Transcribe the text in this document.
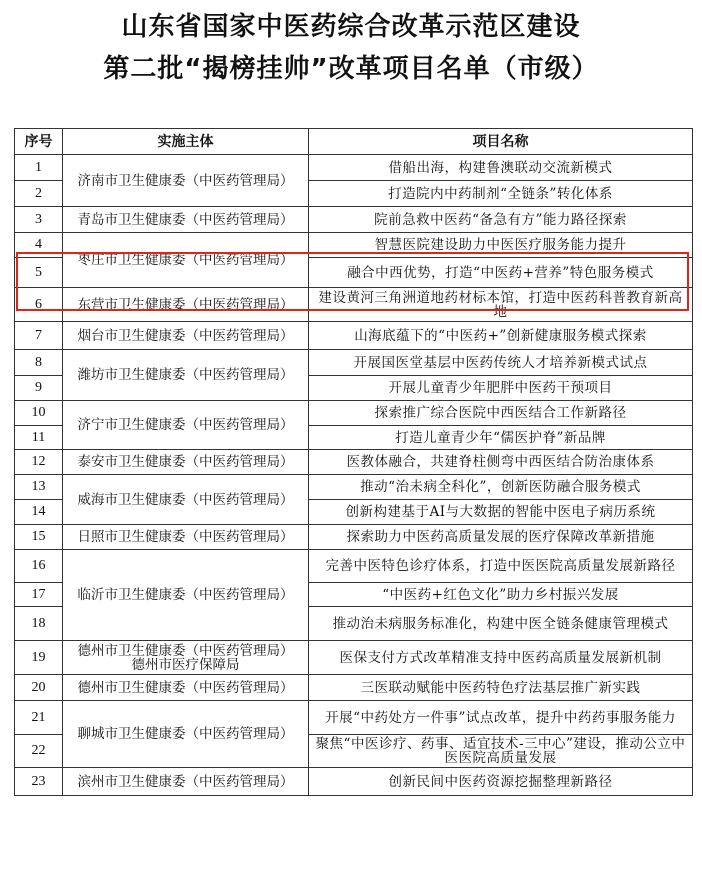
山东省国家中医药综合改革示范区建设
第二批“揭榜挂帅”改革项目名单（市级）
序号	实施主体	项目名称
1	济南市卫生健康委（中医药管理局）	借船出海，构建鲁澳联动交流新模式
2		打造院内中药制剂“全链条”转化体系
3	青岛市卫生健康委（中医药管理局）	院前急救中医药“备急有方”能力路径探索
4	枣庄市卫生健康委（中医药管理局）	智慧医院建设助力中医医疗服务能力提升
5		融合中西优势，打造“中医药+营养”特色服务模式
6	东营市卫生健康委（中医药管理局）	建设黄河三角洲道地药材标本馆，打造中医药科普教育新高地
7	烟台市卫生健康委（中医药管理局）	山海底蕴下的“中医药+”创新健康服务模式探索
8	潍坊市卫生健康委（中医药管理局）	开展国医堂基层中医药传统人才培养新模式试点
9		开展儿童青少年肥胖中医药干预项目
10	济宁市卫生健康委（中医药管理局）	探索推广综合医院中西医结合工作新路径
11		打造儿童青少年“儒医护脊”新品牌
12	泰安市卫生健康委（中医药管理局）	医教体融合，共建脊柱侧弯中西医结合防治康体系
13	威海市卫生健康委（中医药管理局）	推动“治未病全科化”，创新医防融合服务模式
14		创新构建基于AI与大数据的智能中医电子病历系统
15	日照市卫生健康委（中医药管理局）	探索助力中医药高质量发展的医疗保障改革新措施
16	临沂市卫生健康委（中医药管理局）	完善中医特色诊疗体系，打造中医医院高质量发展新路径
17		“中医药+红色文化”助力乡村振兴发展
18		推动治未病服务标准化，构建中医全链条健康管理模式
19	德州市卫生健康委（中医药管理局）
德州市医疗保障局	医保支付方式改革精准支持中医药高质量发展新机制
20	德州市卫生健康委（中医药管理局）	三医联动赋能中医药特色疗法基层推广新实践
21	聊城市卫生健康委（中医药管理局）	开展“中药处方一件事”试点改革，提升中药药事服务能力
22		聚焦“中医诊疗、药事、适宜技术-三中心”建设，推动公立中医医院高质量发展
23	滨州市卫生健康委（中医药管理局）	创新民间中医药资源挖掘整理新路径
